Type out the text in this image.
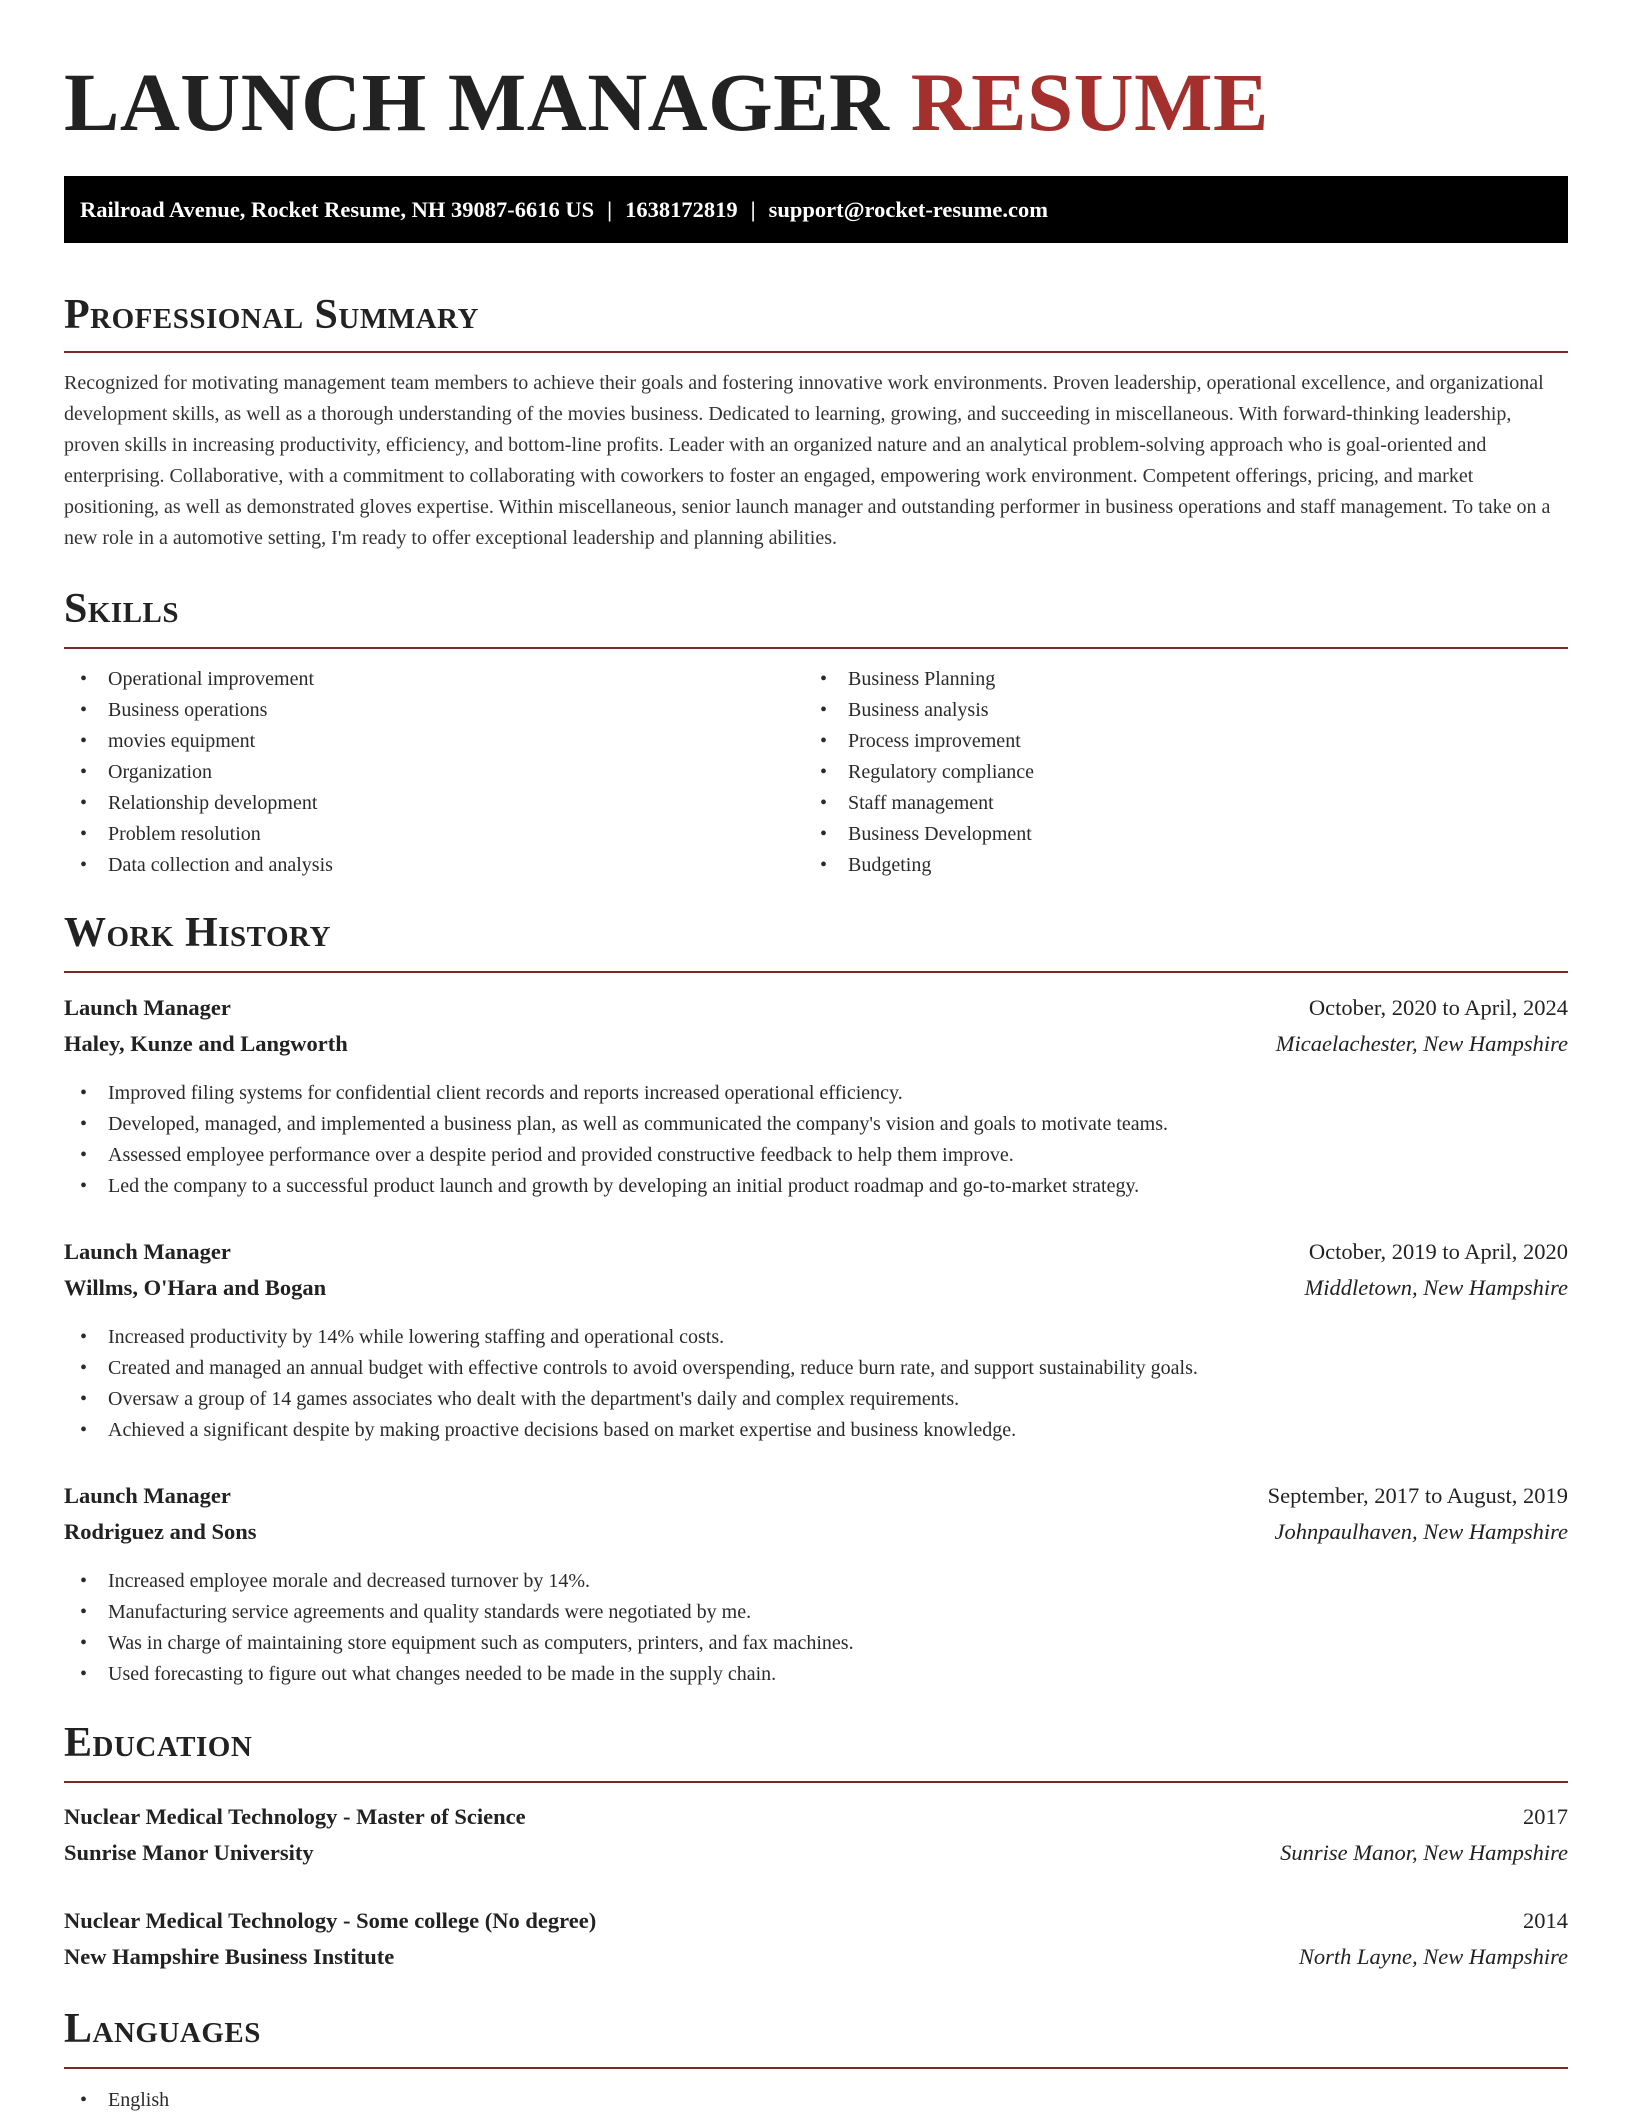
LAUNCH MANAGER RESUME
Railroad Avenue, Rocket Resume, NH 39087-6616 US | 1638172819 | support@rocket-resume.com
Professional Summary

Recognized for motivating management team members to achieve their goals and fostering innovative work environments. Proven leadership, operational excellence, and organizational development skills, as well as a thorough understanding of the movies business. Dedicated to learning, growing, and succeeding in miscellaneous. With forward-thinking leadership, proven skills in increasing productivity, efficiency, and bottom-line profits. Leader with an organized nature and an analytical problem-solving approach who is goal-oriented and enterprising. Collaborative, with a commitment to collaborating with coworkers to foster an engaged, empowering work environment. Competent offerings, pricing, and market positioning, as well as demonstrated gloves expertise. Within miscellaneous, senior launch manager and outstanding performer in business operations and staff management. To take on a new role in a automotive setting, I'm ready to offer exceptional leadership and planning abilities.

Skills
• Operational improvement
• Business operations
• movies equipment
• Organization
• Relationship development
• Problem resolution
• Data collection and analysis
• Business Planning
• Business analysis
• Process improvement
• Regulatory compliance
• Staff management
• Business Development
• Budgeting
Work History
Launch Manager	October, 2020 to April, 2024
Haley, Kunze and Langworth	Micaelachester, New Hampshire
• Improved filing systems for confidential client records and reports increased operational efficiency.
• Developed, managed, and implemented a business plan, as well as communicated the company's vision and goals to motivate teams.
• Assessed employee performance over a despite period and provided constructive feedback to help them improve.
• Led the company to a successful product launch and growth by developing an initial product roadmap and go-to-market strategy.
Launch Manager	October, 2019 to April, 2020
Willms, O'Hara and Bogan	Middletown, New Hampshire
• Increased productivity by 14% while lowering staffing and operational costs.
• Created and managed an annual budget with effective controls to avoid overspending, reduce burn rate, and support sustainability goals.
• Oversaw a group of 14 games associates who dealt with the department's daily and complex requirements.
• Achieved a significant despite by making proactive decisions based on market expertise and business knowledge.
Launch Manager	September, 2017 to August, 2019
Rodriguez and Sons	Johnpaulhaven, New Hampshire
• Increased employee morale and decreased turnover by 14%.
• Manufacturing service agreements and quality standards were negotiated by me.
• Was in charge of maintaining store equipment such as computers, printers, and fax machines.
• Used forecasting to figure out what changes needed to be made in the supply chain.
Education
Nuclear Medical Technology - Master of Science	2017
Sunrise Manor University	Sunrise Manor, New Hampshire
Nuclear Medical Technology - Some college (No degree)	2014
New Hampshire Business Institute	North Layne, New Hampshire
Languages
• English
